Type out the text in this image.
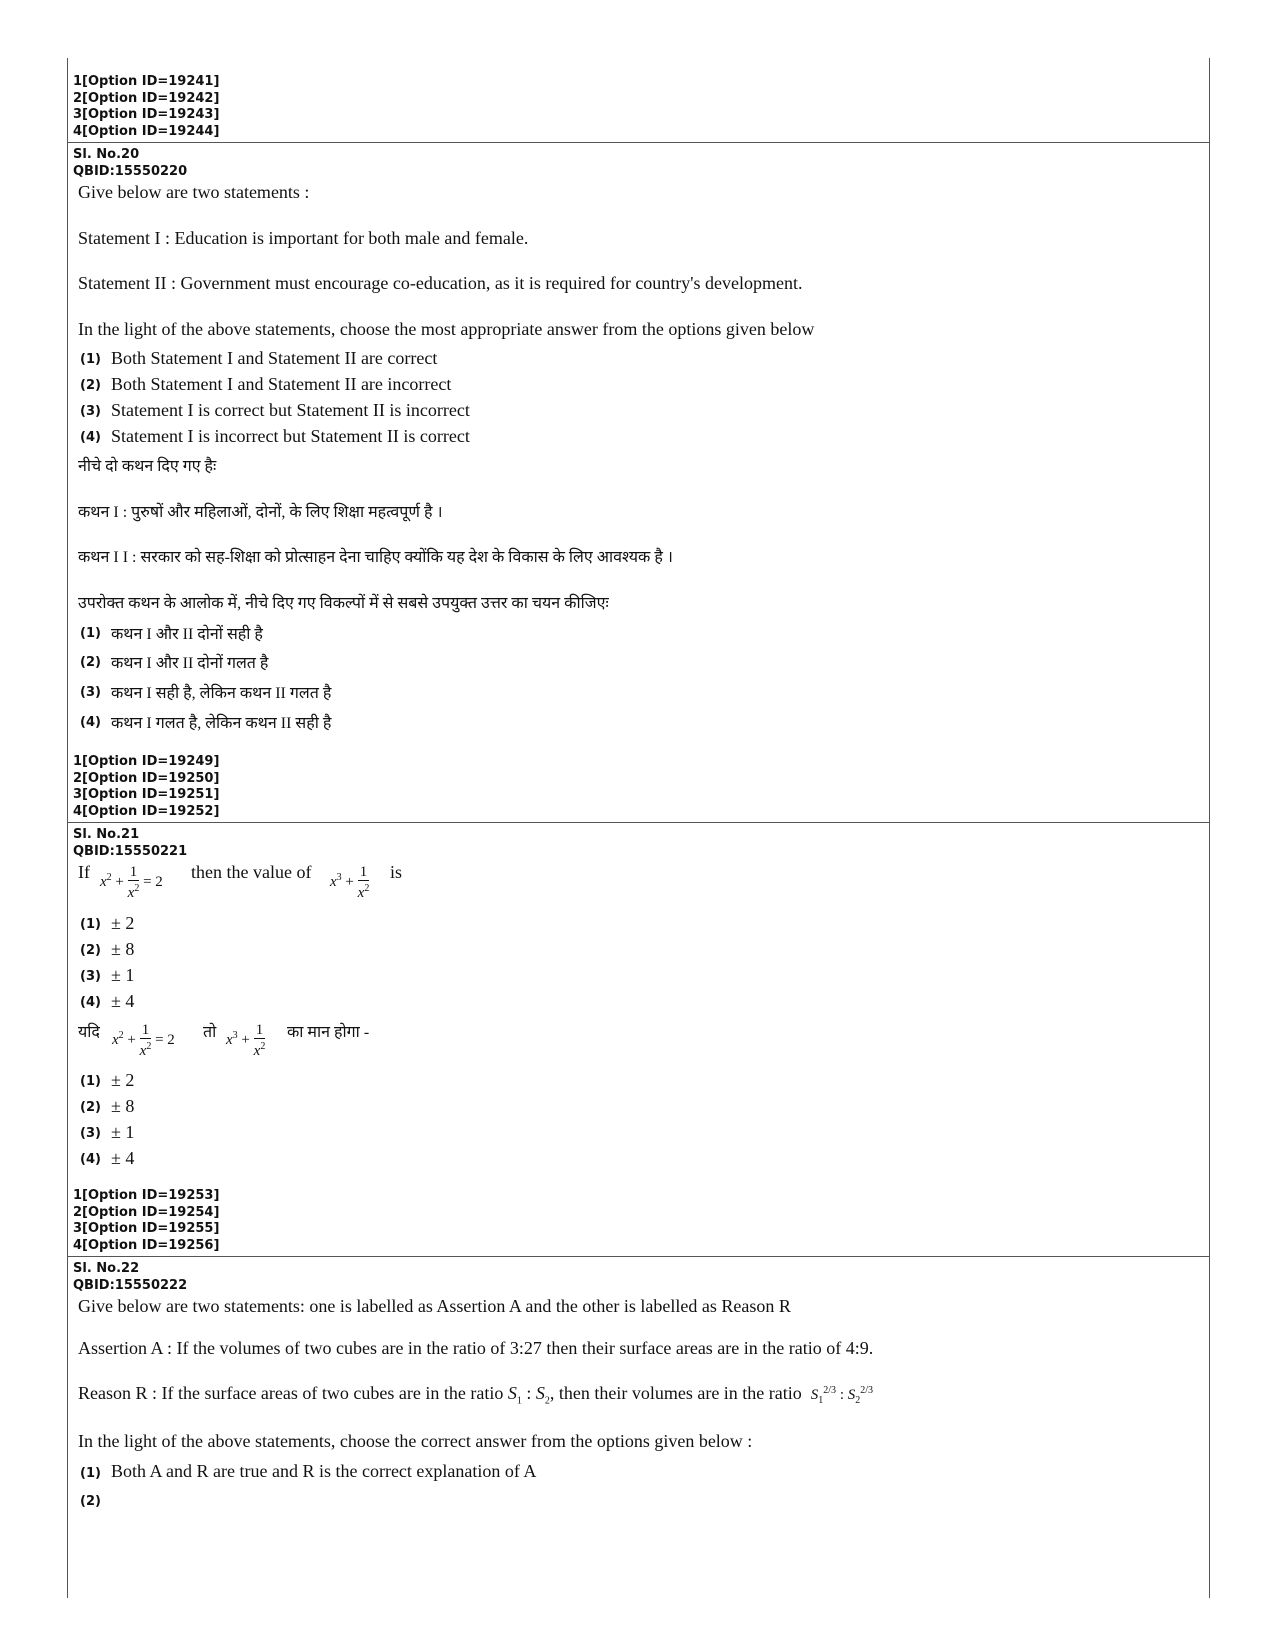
1[Option ID=19241]
2[Option ID=19242]
3[Option ID=19243]
4[Option ID=19244]
Sl. No.20
QBID:15550220
Give below are two statements :
Statement I : Education is important for both male and female.
Statement II : Government must encourage co-education, as it is required for country's development.
In the light of the above statements, choose the most appropriate answer from the options given below
(1) Both Statement I and Statement II are correct
(2) Both Statement I and Statement II are incorrect
(3) Statement I is correct but Statement II is incorrect
(4) Statement I is incorrect but Statement II is correct
नीचे दो कथन दिए गए हैः
कथन I : पुरुषों और महिलाओं, दोनों, के लिए शिक्षा महत्वपूर्ण है ।
कथन I I : सरकार को सह-शिक्षा को प्रोत्साहन देना चाहिए क्योंकि यह देश के विकास के लिए आवश्यक है ।
उपरोक्त कथन के आलोक में, नीचे दिए गए विकल्पों में से सबसे उपयुक्त उत्तर का चयन कीजिएः
(1) कथन I और II दोनों सही है
(2) कथन I और II दोनों गलत है
(3) कथन I सही है, लेकिन कथन II गलत है
(4) कथन I गलत है, लेकिन कथन II सही है
1[Option ID=19249]
2[Option ID=19250]
3[Option ID=19251]
4[Option ID=19252]
Sl. No.21
QBID:15550221
If $x^2 + \frac{1}{x^2} = 2$ then the value of $x^3 + \frac{1}{x^2}$ is
(1) ± 2
(2) ± 8
(3) ± 1
(4) ± 4
यदि $x^2 + \frac{1}{x^2} = 2$ तो $x^3 + \frac{1}{x^2}$ का मान होगा -
(1) ± 2
(2) ± 8
(3) ± 1
(4) ± 4
1[Option ID=19253]
2[Option ID=19254]
3[Option ID=19255]
4[Option ID=19256]
Sl. No.22
QBID:15550222
Give below are two statements: one is labelled as Assertion A and the other is labelled as Reason R
Assertion A : If the volumes of two cubes are in the ratio of 3:27 then their surface areas are in the ratio of 4:9.
Reason R : If the surface areas of two cubes are in the ratio $S_1$ : $S_2$, then their volumes are in the ratio $S_1^{2/3}$ : $S_2^{2/3}$
In the light of the above statements, choose the correct answer from the options given below :
(1) Both A and R are true and R is the correct explanation of A
(2)
